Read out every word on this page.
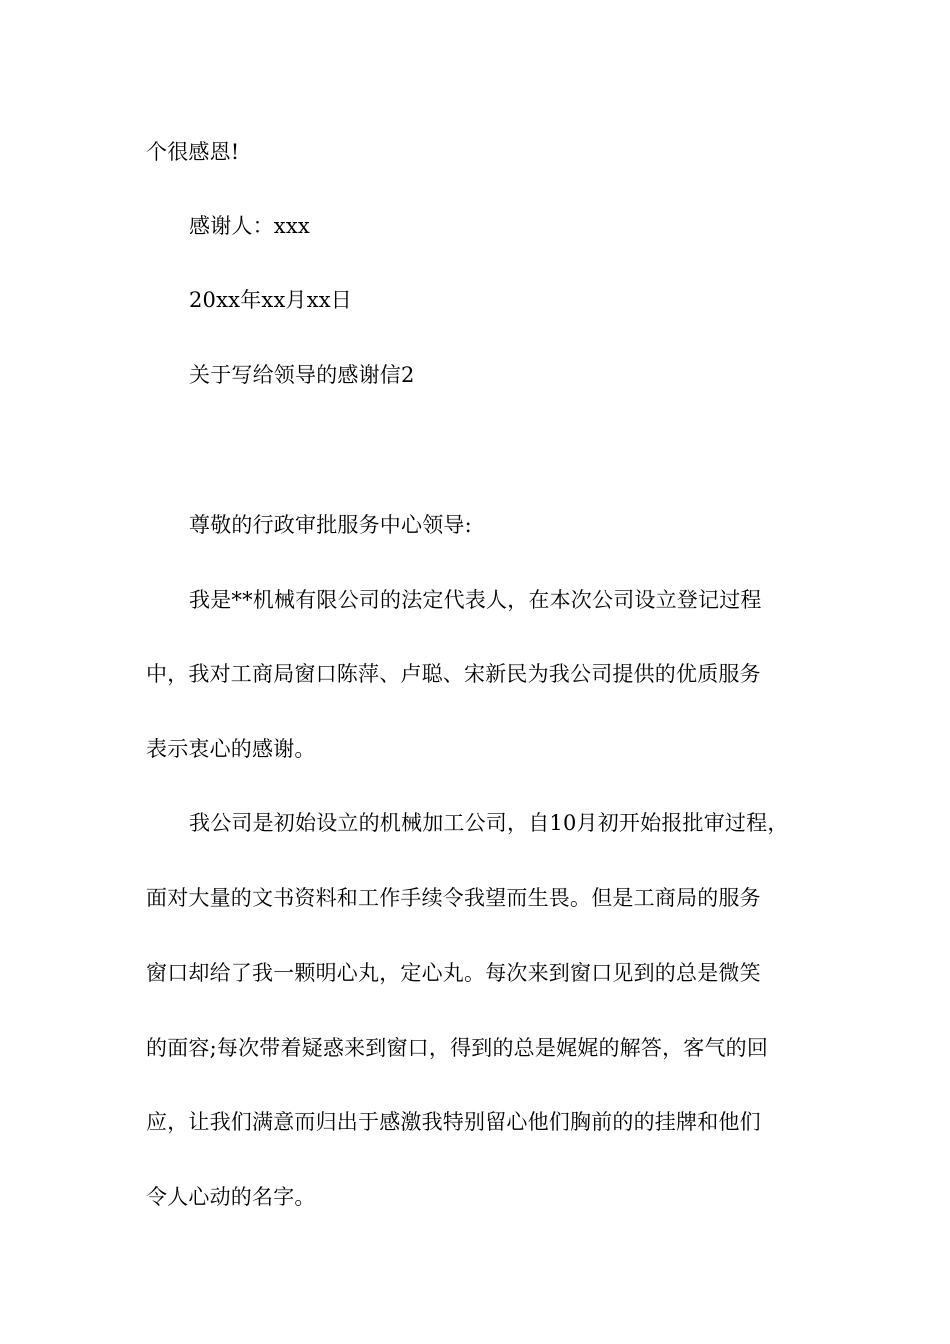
个很感恩!

感谢人：xxx

20xx年xx月xx日

关于写给领导的感谢信2

尊敬的行政审批服务中心领导:

我是**机械有限公司的法定代表人，在本次公司设立登记过程

中，我对工商局窗口陈萍、卢聪、宋新民为我公司提供的优质服务

表示衷心的感谢。

我公司是初始设立的机械加工公司，自10月初开始报批审过程，

面对大量的文书资料和工作手续令我望而生畏。但是工商局的服务

窗口却给了我一颗明心丸，定心丸。每次来到窗口见到的总是微笑

的面容;每次带着疑惑来到窗口，得到的总是娓娓的解答，客气的回

应，让我们满意而归出于感激我特别留心他们胸前的的挂牌和他们

令人心动的名字。
